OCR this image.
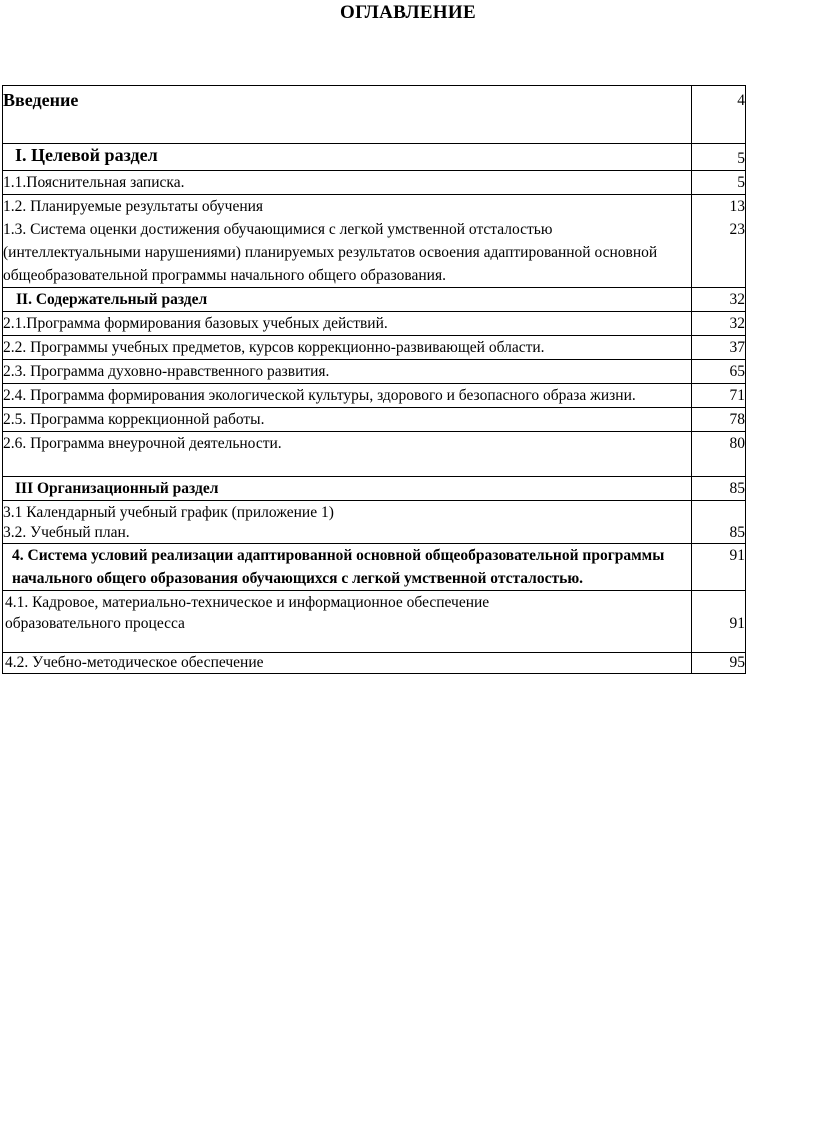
ОГЛАВЛЕНИЕ
Введение	4
I. Целевой раздел	5
1.1.Пояснительная записка.	5
1.2. Планируемые результаты обучения	13
1.3. Система оценки достижения обучающимися с легкой умственной отсталостью (интеллектуальными нарушениями) планируемых результатов освоения адаптированной основной общеобразовательной программы начального общего образования.	23
II. Содержательный раздел	32
2.1.Программа формирования базовых учебных действий.	32
2.2. Программы учебных предметов, курсов коррекционно-развивающей области.	37
2.3. Программа духовно-нравственного развития.	65
2.4. Программа формирования экологической культуры, здорового и безопасного образа жизни.	71
2.5. Программа коррекционной работы.	78
2.6. Программа внеурочной деятельности.	80
III Организационный раздел	85

3.1 Календарный учебный график (приложение 1)
3.2. Учебный план.	85
4. Система условий реализации адаптированной основной общеобразовательной программы начального общего образования обучающихся с легкой умственной отсталостью.	91
4.1. Кадровое, материально-техническое и информационное обеспечение образовательного процесса	91
4.2. Учебно-методическое обеспечение	95
